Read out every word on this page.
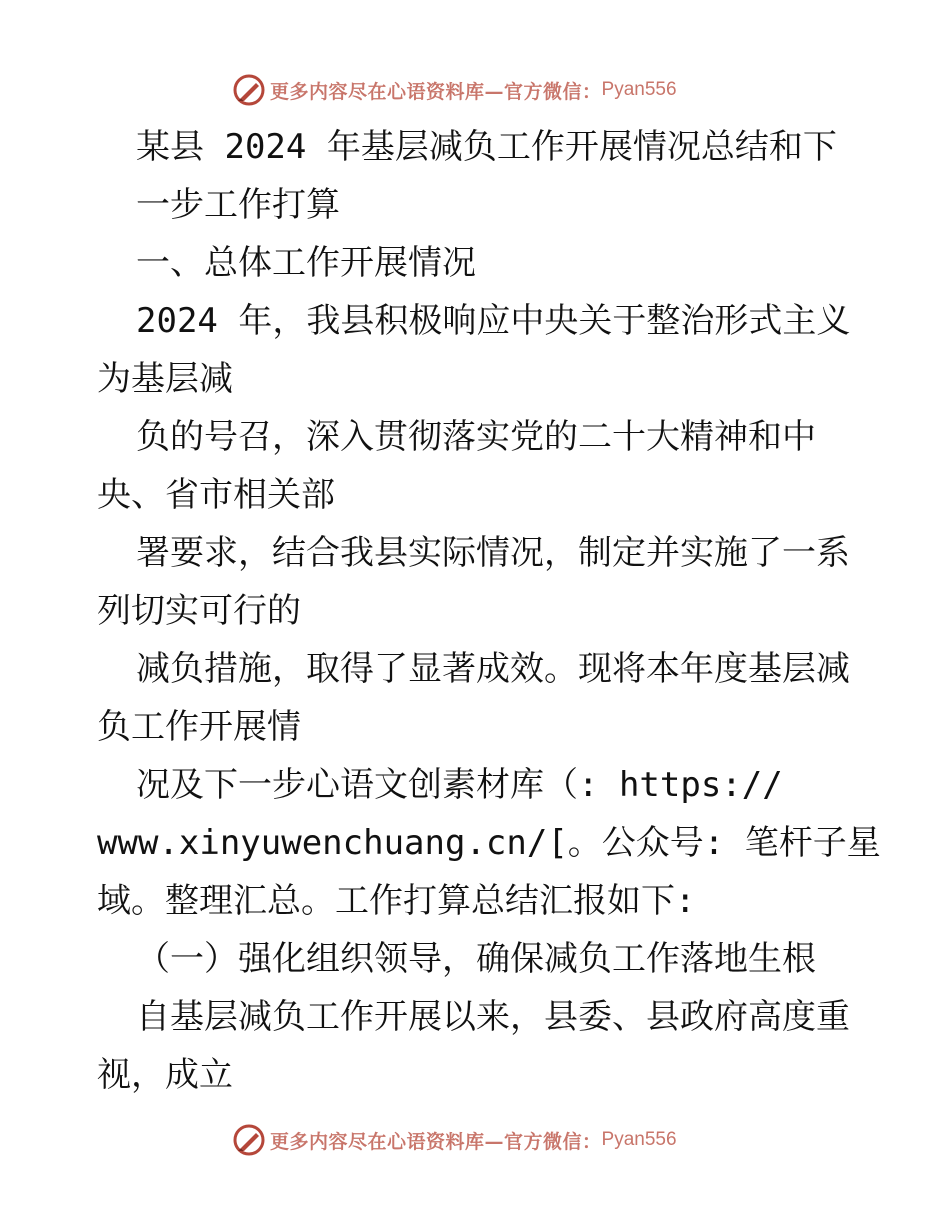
更多内容尽在心语资料库—官方微信： Pyan556
某县 2024 年基层减负工作开展情况总结和下
一步工作打算
一、总体工作开展情况
2024 年，我县积极响应中央关于整治形式主义
为基层减
负的号召，深入贯彻落实党的二十大精神和中
央、省市相关部
署要求，结合我县实际情况，制定并实施了一系
列切实可行的
减负措施，取得了显著成效。现将本年度基层减
负工作开展情
况及下一步心语文创素材库（: https://
www.xinyuwenchuang.cn/[。公众号: 笔杆子星
域。整理汇总。工作打算总结汇报如下:
（一）强化组织领导，确保减负工作落地生根
自基层减负工作开展以来，县委、县政府高度重
视，成立
更多内容尽在心语资料库—官方微信： Pyan556
